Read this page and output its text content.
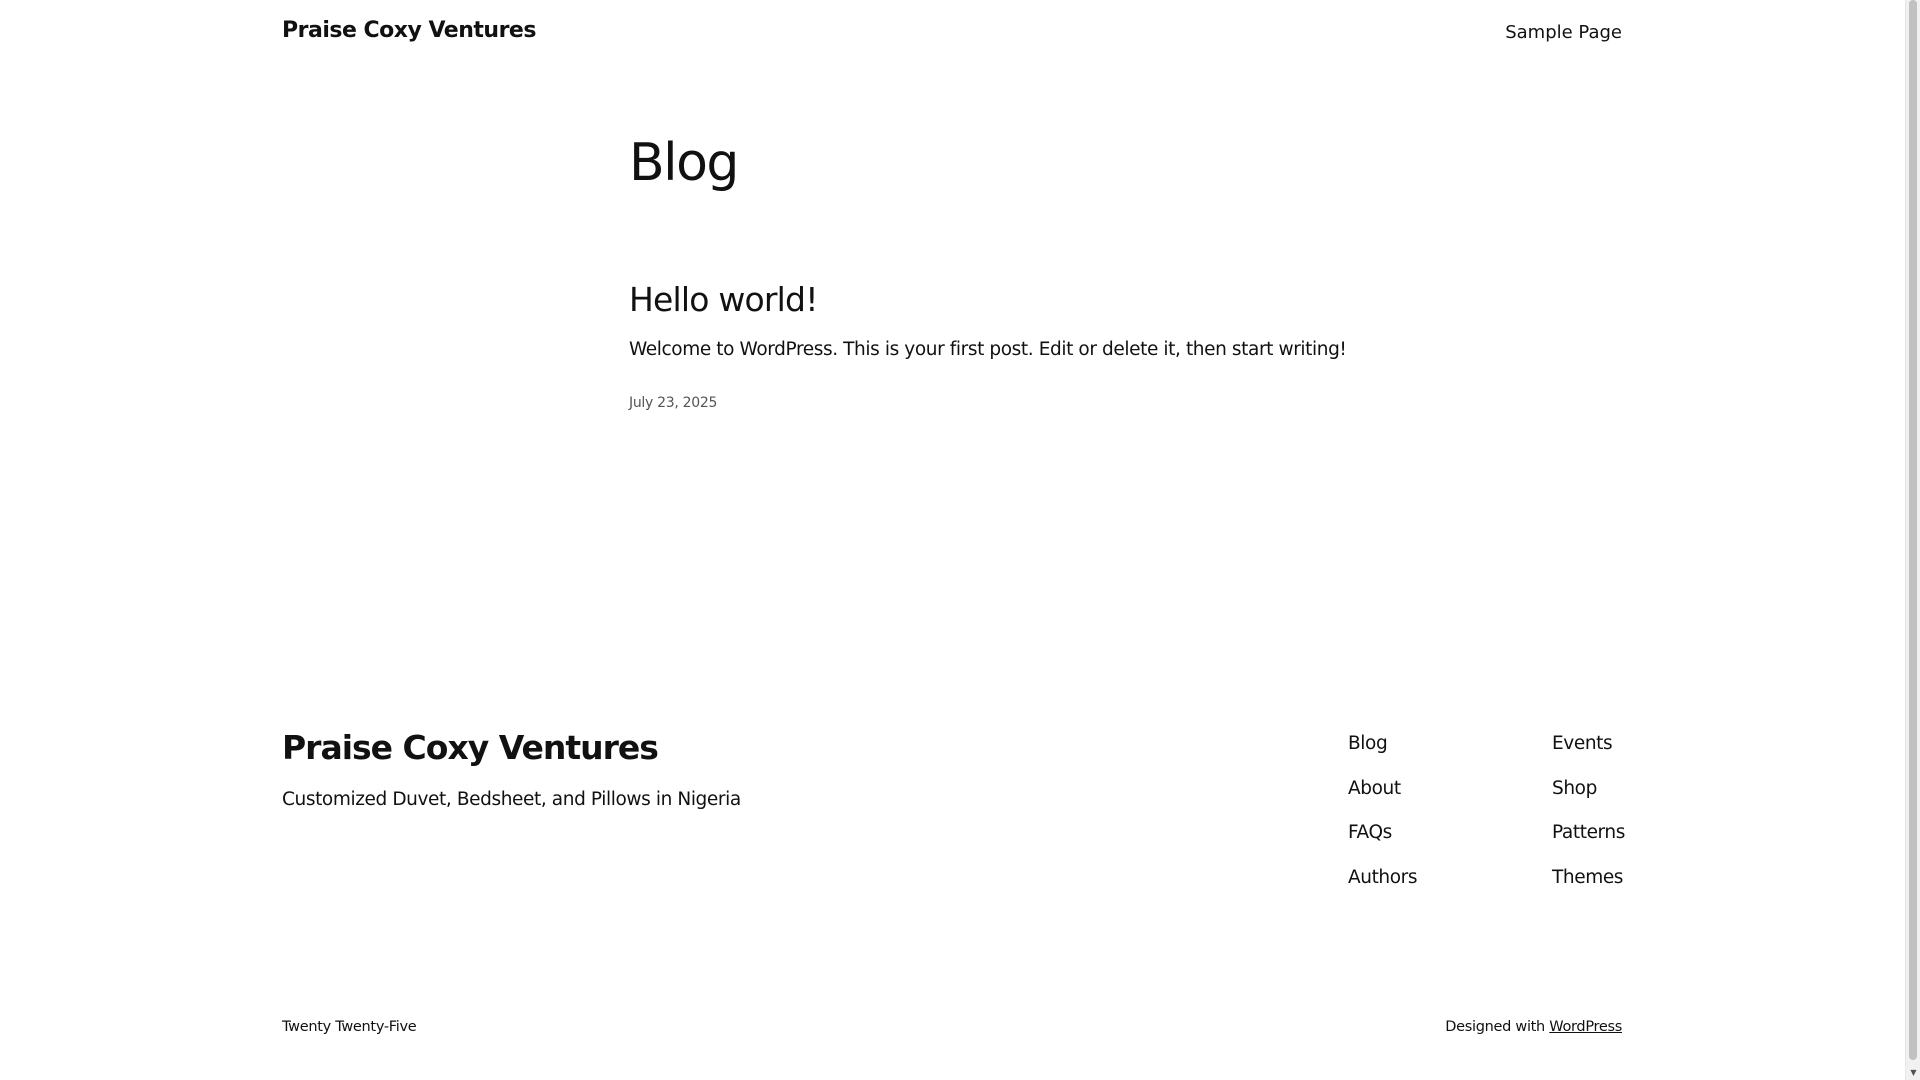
Praise Coxy Ventures	Sample Page
Blog
Hello world!

Welcome to WordPress. This is your first post. Edit or delete it, then start writing!

July 23, 2025
Praise Coxy Ventures

Customized Duvet, Bedsheet, and Pillows in Nigeria

Blog
About
FAQs
Authors
Events
Shop
Patterns
Themes
Twenty Twenty-Five	Designed with WordPress
▼
